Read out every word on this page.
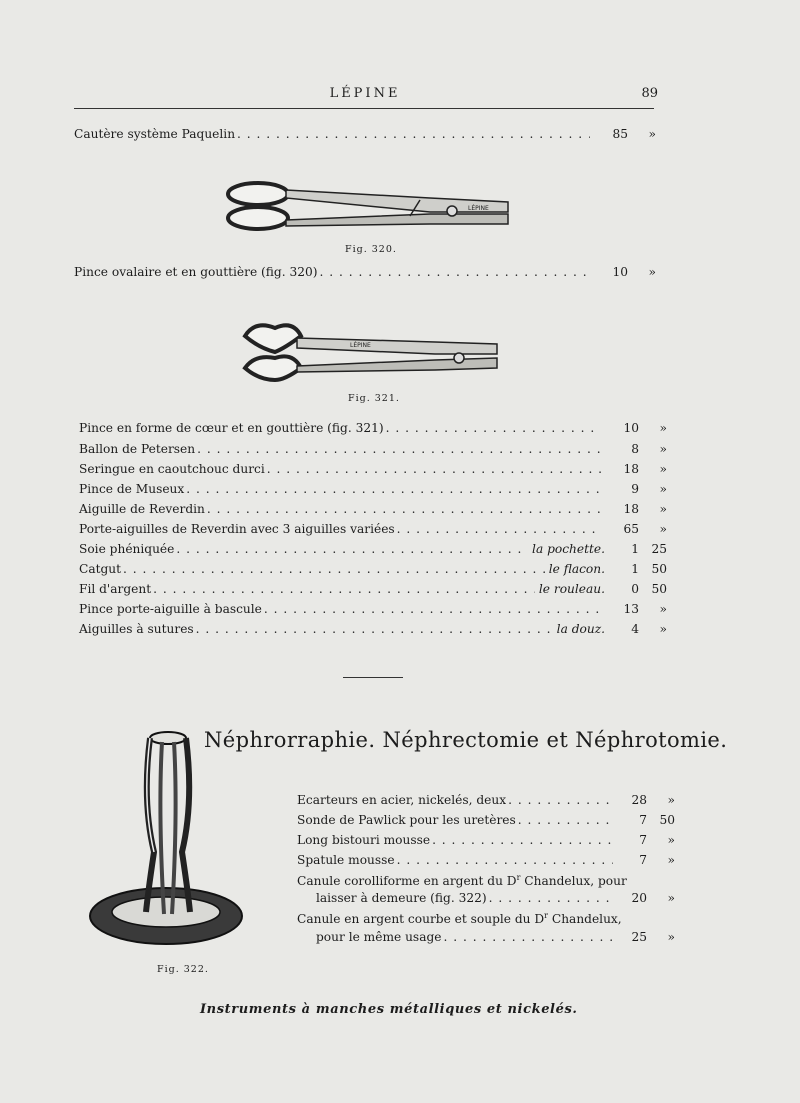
LÉPINE	89
Cautère système Paquelin . . .	85	»
LÉPINE
Fig. 320.
Pince ovalaire et en gouttière (fig. 320) . . .	10	»
LÉPINE
Fig. 321.
Pince en forme de cœur et en gouttière (fig. 321) . . .	10	»
Ballon de Petersen . . .	8	»
Seringue en caoutchouc durci . . .	18	»
Pince de Museux . . .	9	»
Aiguille de Reverdin . . .	18	»
Porte-aiguilles de Reverdin avec 3 aiguilles variées . . .	65	»
Soie phéniquée . . .	la pochette.	1	25
Catgut . . .	le flacon.	1	50
Fil d'argent . . .	le rouleau.	0	50
Pince porte-aiguille à bascule . . .	13	»
Aiguilles à sutures . . .	la douz.	4	»
Fig. 322.
Néphrorraphie. Néphrectomie et Néphrotomie.
Ecarteurs en acier, nickelés, deux . . .	28	»
Sonde de Pawlick pour les uretères . . .	7	50
Long bistouri mousse . . .	7	»
Spatule mousse . . .	7	»
Canule corolliforme en argent du $D^r$ Chandelux, pour
laisser à demeure (fig. 322) . . .	20	»
Canule en argent courbe et souple du $D^r$ Chandelux,
pour le même usage . . .	25	»
Instruments à manches métalliques et nickelés.
